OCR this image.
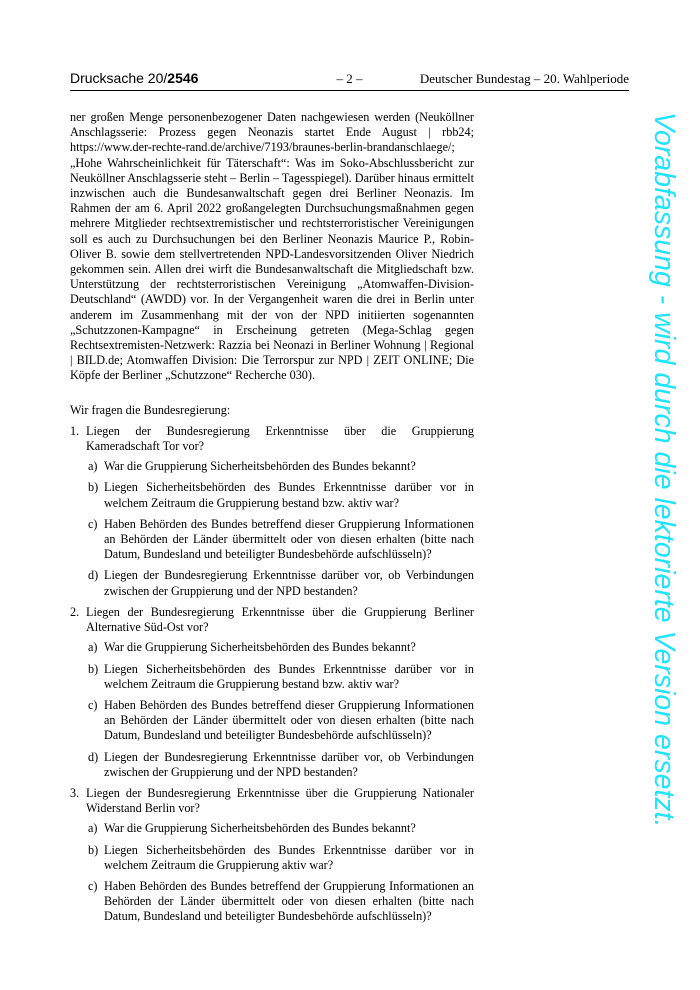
Drucksache 20/2546	– 2 –	Deutscher Bundestag – 20. Wahlperiode

ner großen Menge personenbezogener Daten nachgewiesen werden (Neuköllner Anschlagsserie: Prozess gegen Neonazis startet Ende August | rbb24; https://www.der-rechte-rand.de/archive/7193/braunes-berlin-brandanschlaege/; „Hohe Wahrscheinlichkeit für Täterschaft“: Was im Soko-Abschlussbericht zur Neuköllner Anschlagsserie steht – Berlin – Tagesspiegel). Darüber hinaus ermittelt inzwischen auch die Bundesanwaltschaft gegen drei Berliner Neonazis. Im Rahmen der am 6. April 2022 großangelegten Durchsuchungsmaßnahmen gegen mehrere Mitglieder rechtsextremistischer und rechtsterroristischer Vereinigungen soll es auch zu Durchsuchungen bei den Berliner Neonazis Maurice P., Robin-Oliver B. sowie dem stellvertretenden NPD-Landesvorsitzenden Oliver Niedrich gekommen sein. Allen drei wirft die Bundesanwaltschaft die Mitgliedschaft bzw. Unterstützung der rechtsterroristischen Vereinigung „Atomwaffen-Division-Deutschland“ (AWDD) vor. In der Vergangenheit waren die drei in Berlin unter anderem im Zusammenhang mit der von der NPD initiierten sogenannten „Schutzzonen-Kampagne“ in Erscheinung getreten (Mega-Schlag gegen Rechtsextremisten-Netzwerk: Razzia bei Neonazi in Berliner Wohnung | Regional | BILD.de; Atomwaffen Division: Die Terrorspur zur NPD | ZEIT ONLINE; Die Köpfe der Berliner „Schutzzone“ Recherche 030).

Wir fragen die Bundesregierung:
1. Liegen der Bundesregierung Erkenntnisse über die Gruppierung Kameradschaft Tor vor?
a) War die Gruppierung Sicherheitsbehörden des Bundes bekannt?
b) Liegen Sicherheitsbehörden des Bundes Erkenntnisse darüber vor in welchem Zeitraum die Gruppierung bestand bzw. aktiv war?
c) Haben Behörden des Bundes betreffend dieser Gruppierung Informationen an Behörden der Länder übermittelt oder von diesen erhalten (bitte nach Datum, Bundesland und beteiligter Bundesbehörde aufschlüsseln)?
d) Liegen der Bundesregierung Erkenntnisse darüber vor, ob Verbindungen zwischen der Gruppierung und der NPD bestanden?
2. Liegen der Bundesregierung Erkenntnisse über die Gruppierung Berliner Alternative Süd-Ost vor?
a) War die Gruppierung Sicherheitsbehörden des Bundes bekannt?
b) Liegen Sicherheitsbehörden des Bundes Erkenntnisse darüber vor in welchem Zeitraum die Gruppierung bestand bzw. aktiv war?
c) Haben Behörden des Bundes betreffend dieser Gruppierung Informationen an Behörden der Länder übermittelt oder von diesen erhalten (bitte nach Datum, Bundesland und beteiligter Bundesbehörde aufschlüsseln)?
d) Liegen der Bundesregierung Erkenntnisse darüber vor, ob Verbindungen zwischen der Gruppierung und der NPD bestanden?
3. Liegen der Bundesregierung Erkenntnisse über die Gruppierung Nationaler Widerstand Berlin vor?
a) War die Gruppierung Sicherheitsbehörden des Bundes bekannt?
b) Liegen Sicherheitsbehörden des Bundes Erkenntnisse darüber vor in welchem Zeitraum die Gruppierung aktiv war?
c) Haben Behörden des Bundes betreffend der Gruppierung Informationen an Behörden der Länder übermittelt oder von diesen erhalten (bitte nach Datum, Bundesland und beteiligter Bundesbehörde aufschlüsseln)?
Vorabfassung - wird durch die lektorierte Version ersetzt.
